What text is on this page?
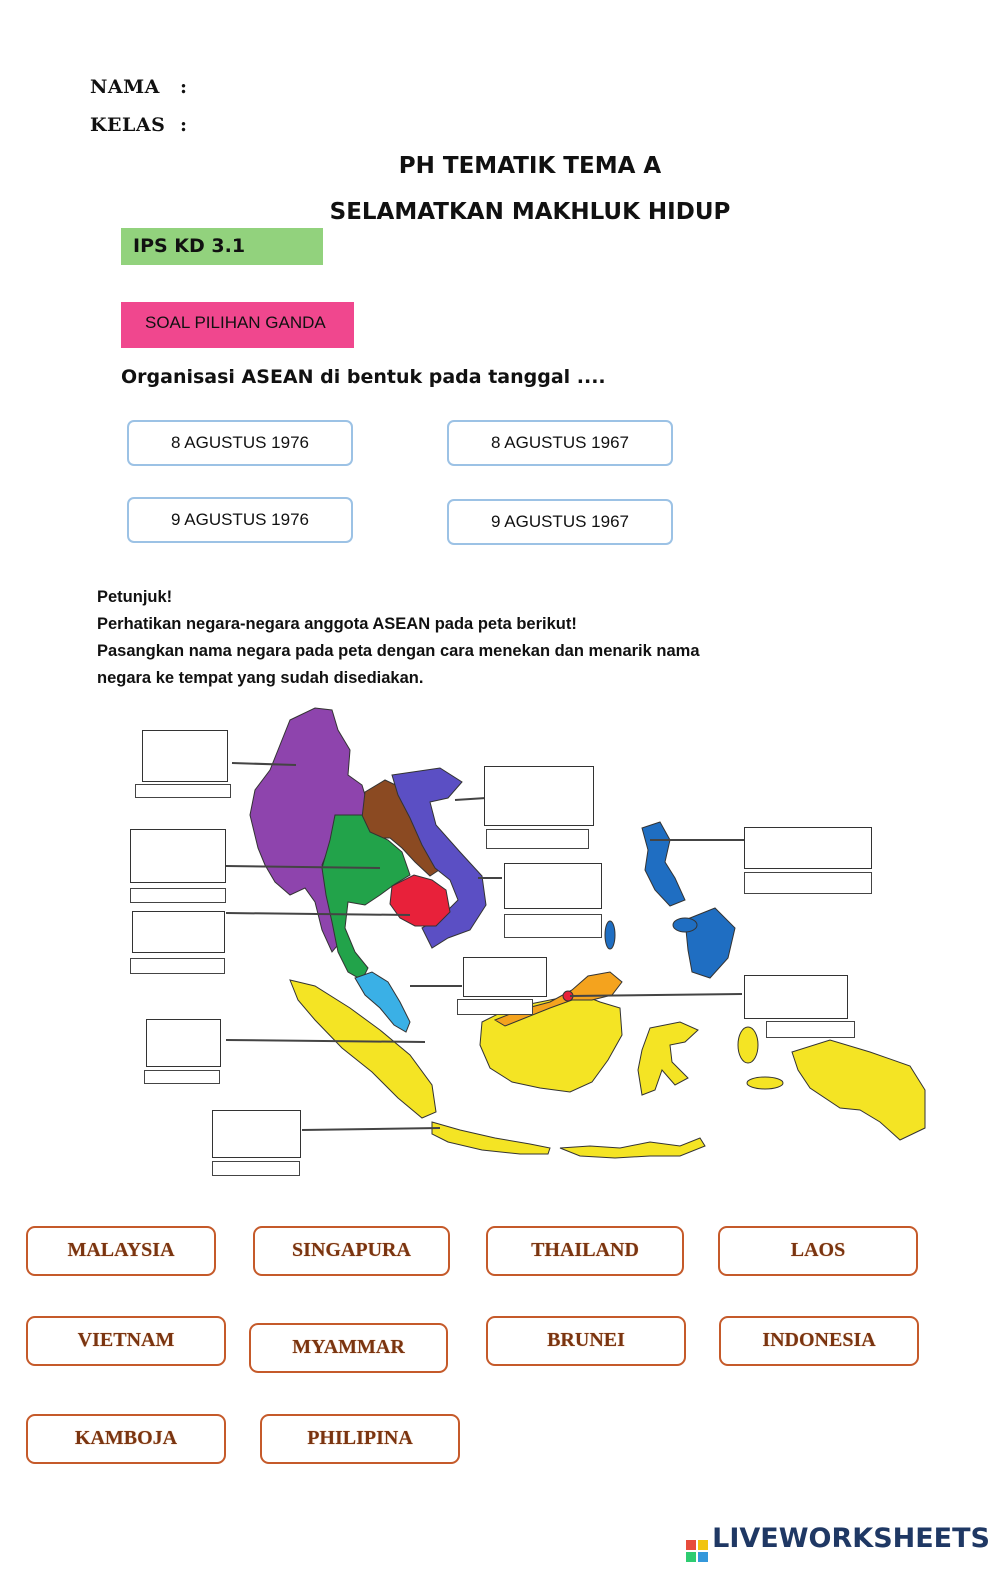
NAMA :
KELAS :
PH TEMATIK TEMA A
SELAMATKAN MAKHLUK HIDUP
IPS KD 3.1
SOAL PILIHAN GANDA
Organisasi ASEAN di bentuk pada tanggal ....
8 AGUSTUS 1976	8 AGUSTUS 1967
9 AGUSTUS 1976	9 AGUSTUS 1967
Petunjuk!
Perhatikan negara-negara anggota ASEAN pada peta berikut!
Pasangkan nama negara pada peta dengan cara menekan dan menarik nama
negara ke tempat yang sudah disediakan.
MALAYSIA	SINGAPURA	THAILAND	LAOS
VIETNAM	MYAMMAR	BRUNEI	INDONESIA
KAMBOJA	PHILIPINA
LIVEWORKSHEETS
